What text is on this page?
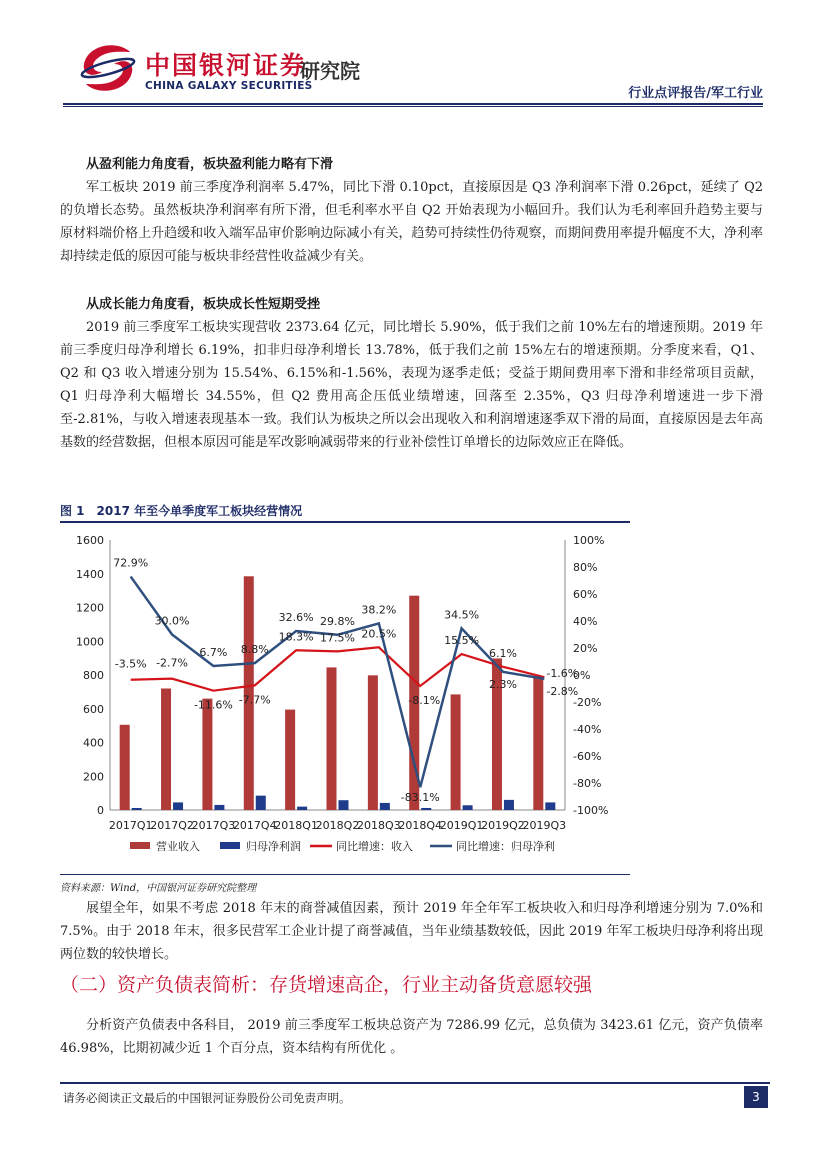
中国银河证券
研究院
CHINA GALAXY SECURITIES	行业点评报告/军工行业

从盈利能力角度看，板块盈利能力略有下滑

军工板块 2019 前三季度净利润率 5.47%，同比下滑 0.10pct，直接原因是 Q3 净利润率下滑 0.26pct，延续了 Q2 的负增长态势。虽然板块净利润率有所下滑，但毛利率水平自 Q2 开始表现为小幅回升。我们认为毛利率回升趋势主要与原材料端价格上升趋缓和收入端军品审价影响边际减小有关，趋势可持续性仍待观察，而期间费用率提升幅度不大，净利率却持续走低的原因可能与板块非经营性收益减少有关。

从成长能力角度看，板块成长性短期受挫

2019 前三季度军工板块实现营收 2373.64 亿元，同比增长 5.90%，低于我们之前 10%左右的增速预期。2019 年前三季度归母净利增长 6.19%，扣非归母净利增长 13.78%，低于我们之前 15%左右的增速预期。分季度来看，Q1、Q2 和 Q3 收入增速分别为 15.54%、6.15%和-1.56%，表现为逐季走低；受益于期间费用率下滑和非经常项目贡献，Q1 归母净利大幅增长 34.55%，但 Q2 费用高企压低业绩增速，回落至 2.35%，Q3 归母净利增速进一步下滑至-2.81%，与收入增速表现基本一致。我们认为板块之所以会出现收入和利润增速逐季双下滑的局面，直接原因是去年高基数的经营数据，但根本原因可能是军改影响减弱带来的行业补偿性订单增长的边际效应正在降低。

图 1　2017 年至今单季度军工板块经营情况
0
200
400
600
800
1000
1200
1400
1600
-100%
-80%
-60%
-40%
-20%
0%
20%
40%
60%
80%
100%
2017Q1
2017Q2
2017Q3
2017Q4
2018Q1
2018Q2
2018Q3
2018Q4
2019Q1
2019Q2
2019Q3
-3.5% -2.7%
-11.6% -7.7%
18.3% 17.5% 20.5%
-8.1%
15.5%
6.1%
-1.6%
72.9%
30.0%
6.7% 8.8%
32.6% 29.8%
38.2%
-83.1%
34.5%
2.3%
-2.8%
营业收入	归母净利润	同比增速：收入	同比增速：归母净利
资料来源：Wind，中国银河证券研究院整理

展望全年，如果不考虑 2018 年末的商誉减值因素，预计 2019 年全年军工板块收入和归母净利增速分别为 7.0%和 7.5%。由于 2018 年末，很多民营军工企业计提了商誉减值，当年业绩基数较低，因此 2019 年军工板块归母净利将出现两位数的较快增长。

（二）资产负债表简析：存货增速高企，行业主动备货意愿较强

分析资产负债表中各科目， 2019 前三季度军工板块总资产为 7286.99 亿元，总负债为 3423.61 亿元，资产负债率 46.98%，比期初减少近 1 个百分点，资本结构有所优化 。

请务必阅读正文最后的中国银河证券股份公司免责声明。	3
